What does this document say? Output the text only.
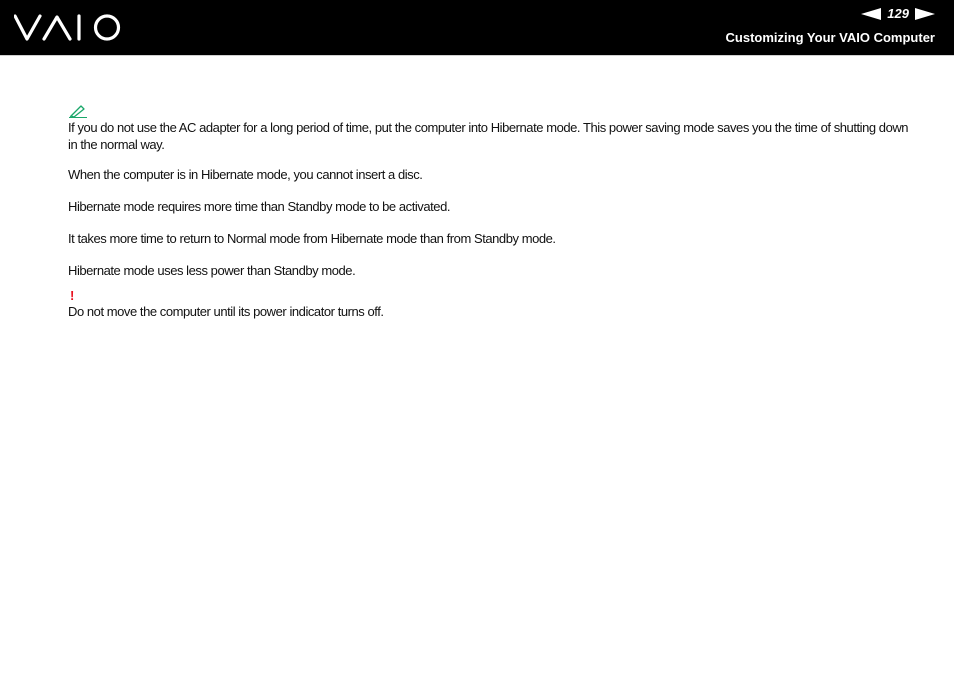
129
Customizing Your VAIO Computer

If you do not use the AC adapter for a long period of time, put the computer into Hibernate mode. This power saving mode saves you the time of shutting down in the normal way.

When the computer is in Hibernate mode, you cannot insert a disc.

Hibernate mode requires more time than Standby mode to be activated.

It takes more time to return to Normal mode from Hibernate mode than from Standby mode.

Hibernate mode uses less power than Standby mode.

!

Do not move the computer until its power indicator turns off.
